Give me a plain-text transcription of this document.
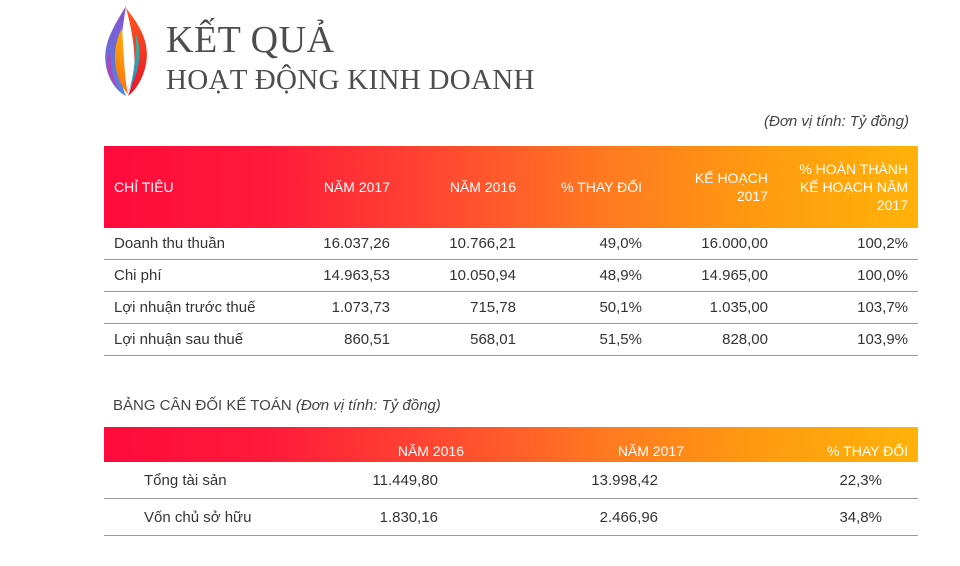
KẾT QUẢ
HOẠT ĐỘNG KINH DOANH
(Đơn vị tính: Tỷ đồng)
CHỈ TIÊU	NĂM 2017	NĂM 2016	% THAY ĐỔI	KẾ HOẠCH 2017	% HOÀN THÀNH KẾ HOẠCH NĂM 2017
Doanh thu thuần	16.037,26	10.766,21	49,0%	16.000,00	100,2%
Chi phí	14.963,53	10.050,94	48,9%	14.965,00	100,0%
Lợi nhuận trước thuế	1.073,73	715,78	50,1%	1.035,00	103,7%
Lợi nhuận sau thuế	860,51	568,01	51,5%	828,00	103,9%
BẢNG CÂN ĐỐI KẾ TOÁN (Đơn vị tính: Tỷ đồng)
	NĂM 2016	NĂM 2017	% THAY ĐỔI
Tổng tài sản	11.449,80	13.998,42	22,3%
Vốn chủ sở hữu	1.830,16	2.466,96	34,8%
